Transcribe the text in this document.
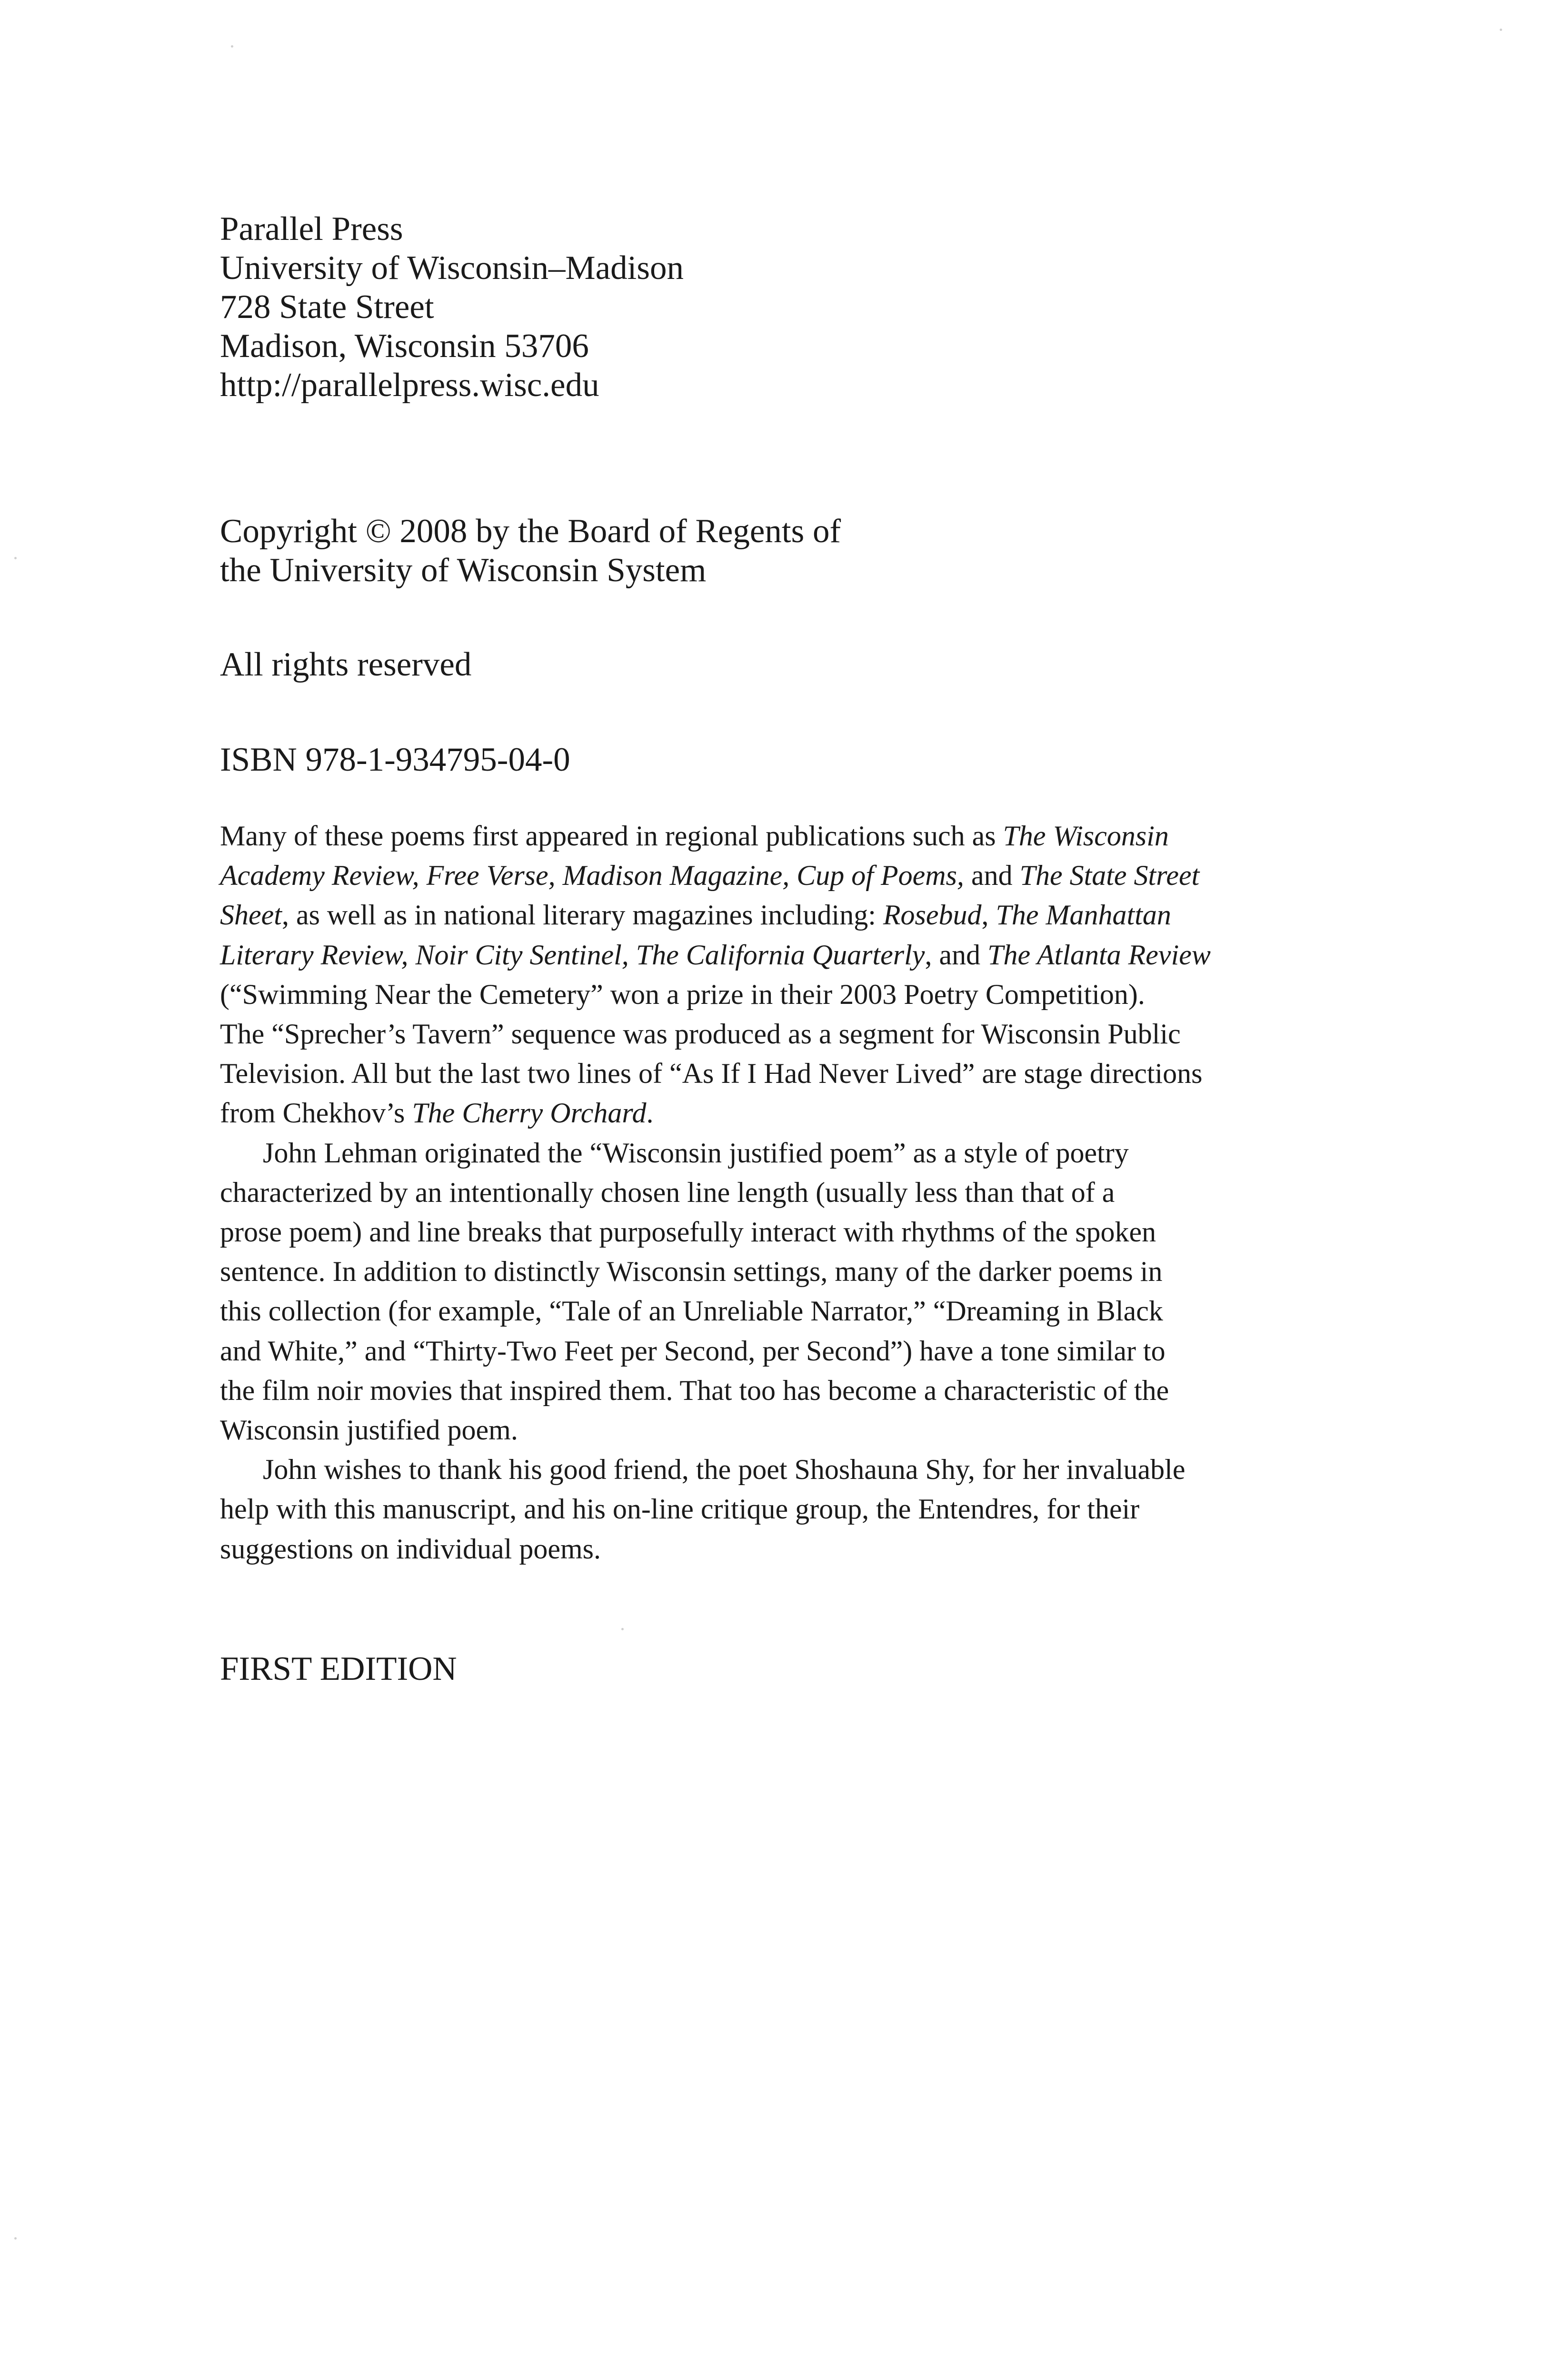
Parallel Press
University of Wisconsin–Madison
728 State Street
Madison, Wisconsin 53706
http://parallelpress.wisc.edu
Copyright © 2008 by the Board of Regents of
the University of Wisconsin System
All rights reserved
ISBN 978-1-934795-04-0
Many of these poems first appeared in regional publications such as The Wisconsin
Academy Review, Free Verse, Madison Magazine, Cup of Poems, and The State Street
Sheet, as well as in national literary magazines including: Rosebud, The Manhattan
Literary Review, Noir City Sentinel, The California Quarterly, and The Atlanta Review
(“Swimming Near the Cemetery” won a prize in their 2003 Poetry Competition).
The “Sprecher’s Tavern” sequence was produced as a segment for Wisconsin Public
Television. All but the last two lines of “As If I Had Never Lived” are stage directions
from Chekhov’s The Cherry Orchard.
John Lehman originated the “Wisconsin justified poem” as a style of poetry
characterized by an intentionally chosen line length (usually less than that of a
prose poem) and line breaks that purposefully interact with rhythms of the spoken
sentence. In addition to distinctly Wisconsin settings, many of the darker poems in
this collection (for example, “Tale of an Unreliable Narrator,” “Dreaming in Black
and White,” and “Thirty-Two Feet per Second, per Second”) have a tone similar to
the film noir movies that inspired them. That too has become a characteristic of the
Wisconsin justified poem.
John wishes to thank his good friend, the poet Shoshauna Shy, for her invaluable
help with this manuscript, and his on-line critique group, the Entendres, for their
suggestions on individual poems.
FIRST EDITION
